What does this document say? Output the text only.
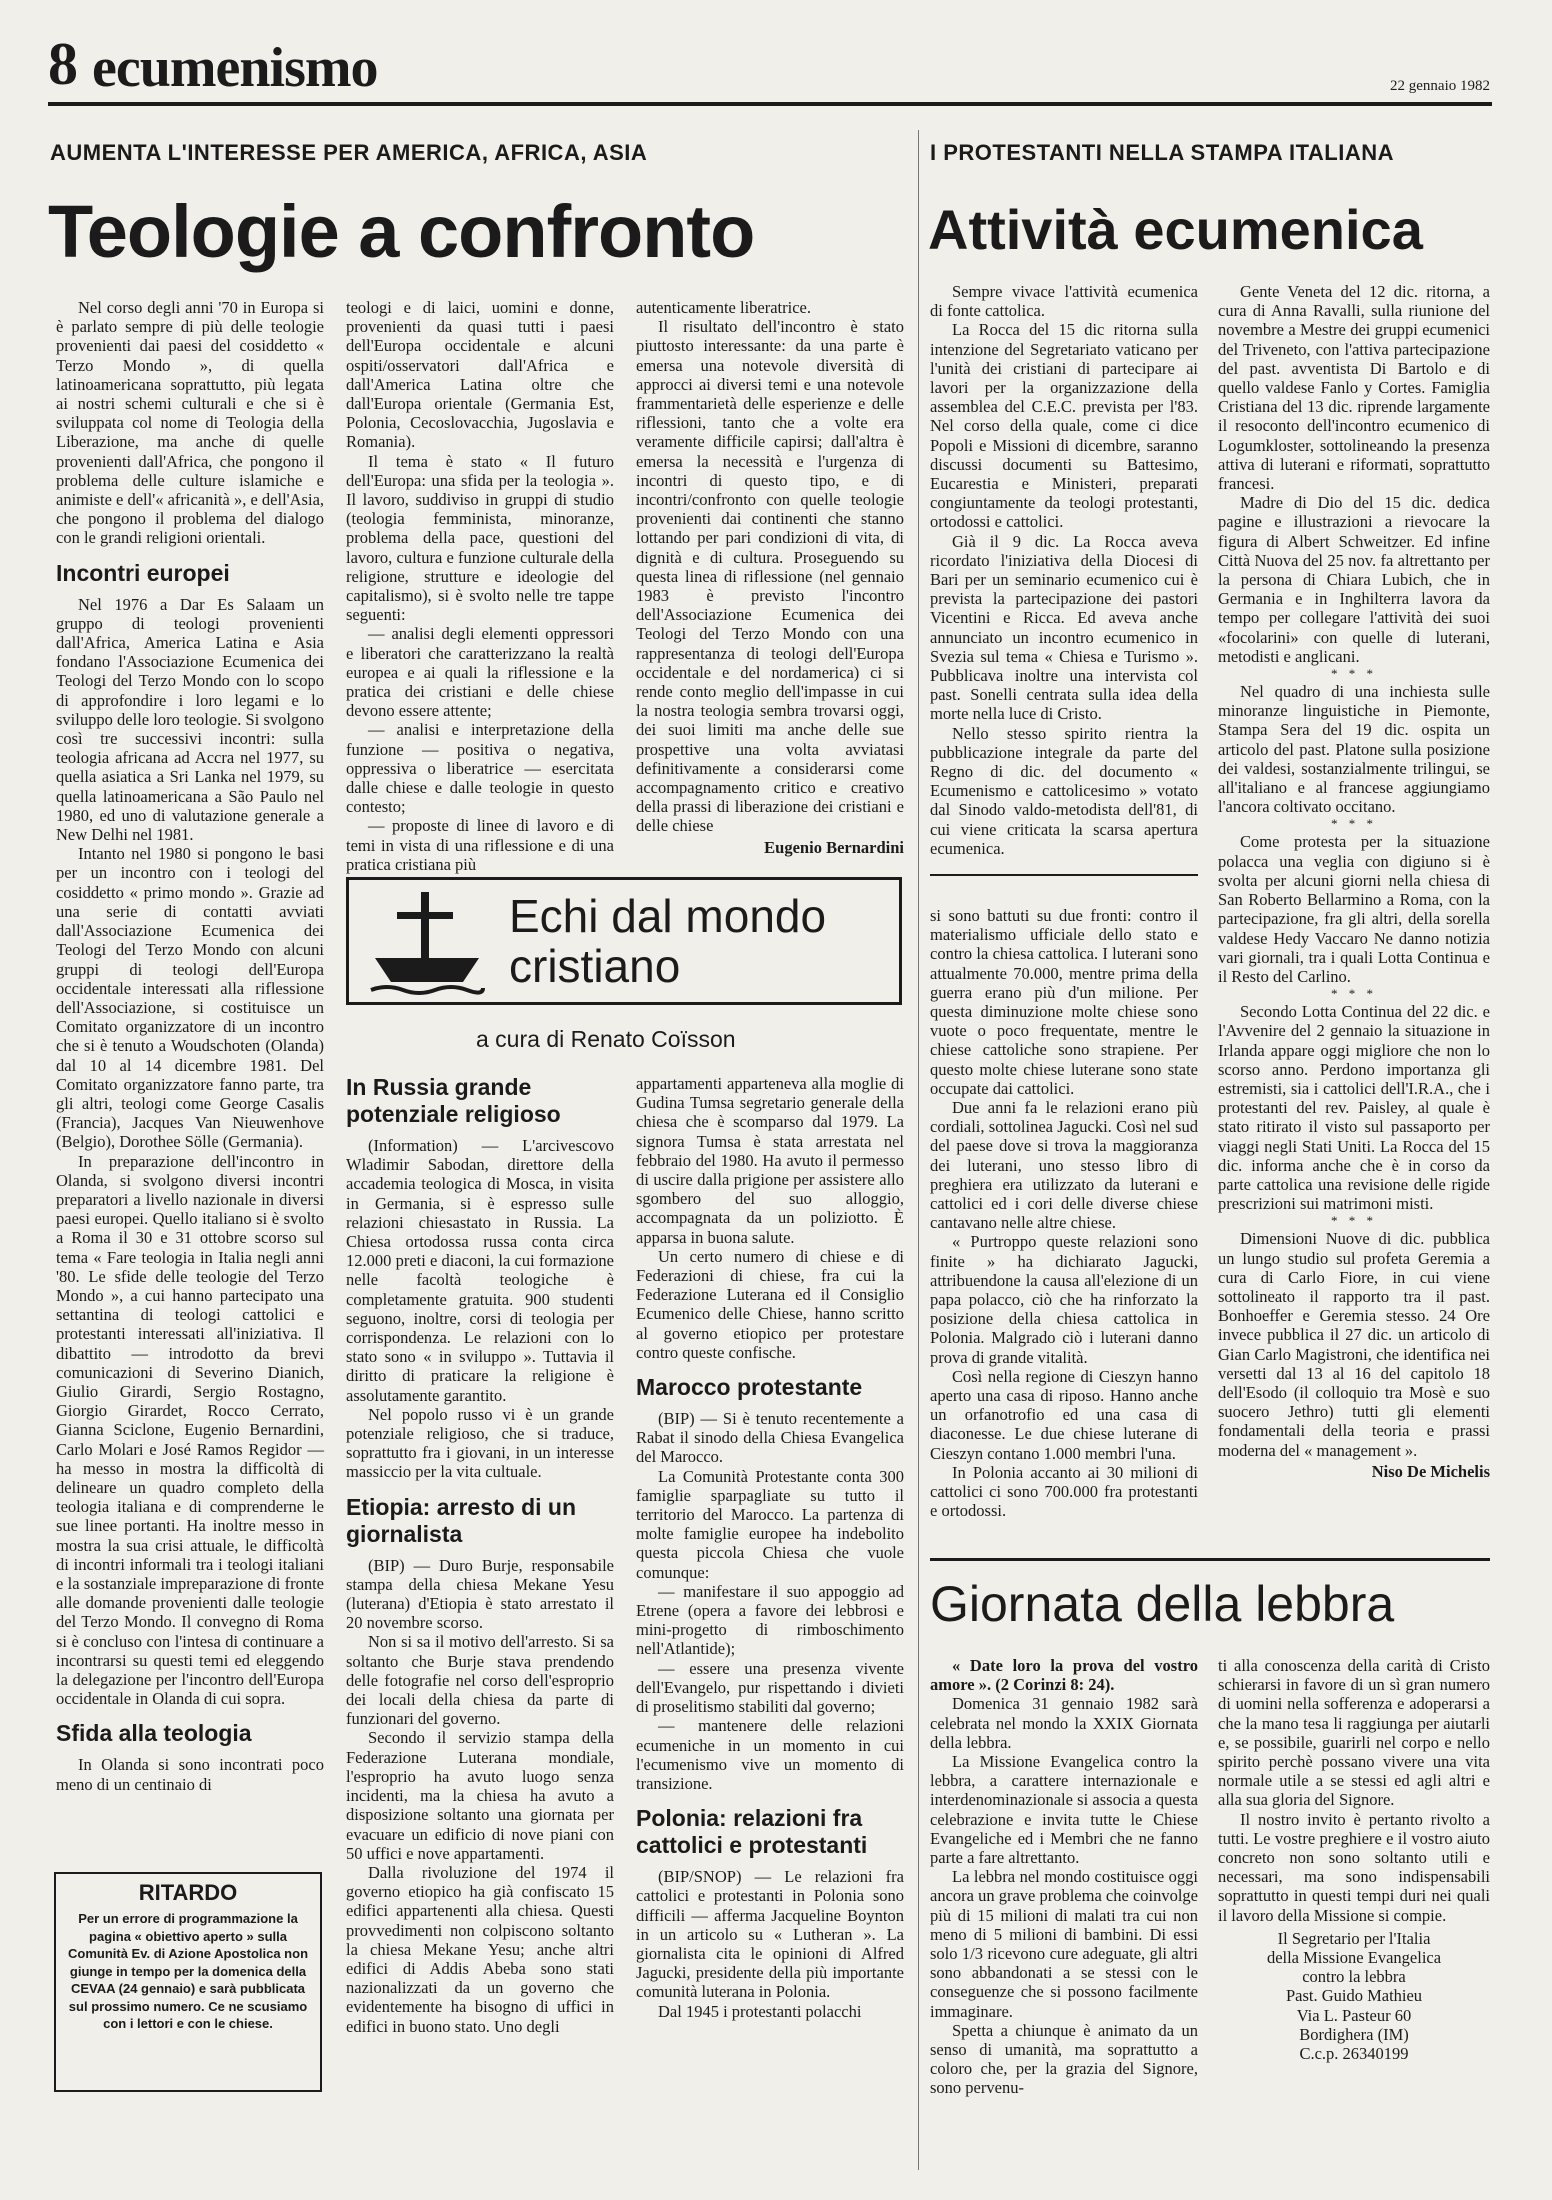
8 ecumenismo	22 gennaio 1982
AUMENTA L'INTERESSE PER AMERICA, AFRICA, ASIA
Teologie a confronto

Nel corso degli anni '70 in Europa si è parlato sempre di più delle teologie provenienti dai paesi del cosiddetto « Terzo Mondo », di quella latinoamericana soprattutto, più legata ai nostri schemi culturali e che si è sviluppata col nome di Teologia della Liberazione, ma anche di quelle provenienti dall'Africa, che pongono il problema delle culture islamiche e animiste e dell'« africanità », e dell'Asia, che pongono il problema del dialogo con le grandi religioni orientali.

Incontri europei

Nel 1976 a Dar Es Salaam un gruppo di teologi provenienti dall'Africa, America Latina e Asia fondano l'Associazione Ecumenica dei Teologi del Terzo Mondo con lo scopo di approfondire i loro legami e lo sviluppo delle loro teologie. Si svolgono così tre successivi incontri: sulla teologia africana ad Accra nel 1977, su quella asiatica a Sri Lanka nel 1979, su quella latinoamericana a São Paulo nel 1980, ed uno di valutazione generale a New Delhi nel 1981.

Intanto nel 1980 si pongono le basi per un incontro con i teologi del cosiddetto « primo mondo ». Grazie ad una serie di contatti avviati dall'Associazione Ecumenica dei Teologi del Terzo Mondo con alcuni gruppi di teologi dell'Europa occidentale interessati alla riflessione dell'Associazione, si costituisce un Comitato organizzatore di un incontro che si è tenuto a Woudschoten (Olanda) dal 10 al 14 dicembre 1981. Del Comitato organizzatore fanno parte, tra gli altri, teologi come George Casalis (Francia), Jacques Van Nieuwenhove (Belgio), Dorothee Sölle (Germania).

In preparazione dell'incontro in Olanda, si svolgono diversi incontri preparatori a livello nazionale in diversi paesi europei. Quello italiano si è svolto a Roma il 30 e 31 ottobre scorso sul tema « Fare teologia in Italia negli anni '80. Le sfide delle teologie del Terzo Mondo », a cui hanno partecipato una settantina di teologi cattolici e protestanti interessati all'iniziativa. Il dibattito — introdotto da brevi comunicazioni di Severino Dianich, Giulio Girardi, Sergio Rostagno, Giorgio Girardet, Rocco Cerrato, Gianna Sciclone, Eugenio Bernardini, Carlo Molari e José Ramos Regidor — ha messo in mostra la difficoltà di delineare un quadro completo della teologia italiana e di comprenderne le sue linee portanti. Ha inoltre messo in mostra la sua crisi attuale, le difficoltà di incontri informali tra i teologi italiani e la sostanziale impreparazione di fronte alle domande provenienti dalle teologie del Terzo Mondo. Il convegno di Roma si è concluso con l'intesa di continuare a incontrarsi su questi temi ed eleggendo la delegazione per l'incontro dell'Europa occidentale in Olanda di cui sopra.

Sfida alla teologia

In Olanda si sono incontrati poco meno di un centinaio di

teologi e di laici, uomini e donne, provenienti da quasi tutti i paesi dell'Europa occidentale e alcuni ospiti/osservatori dall'Africa e dall'America Latina oltre che dall'Europa orientale (Germania Est, Polonia, Cecoslovacchia, Jugoslavia e Romania).

Il tema è stato « Il futuro dell'Europa: una sfida per la teologia ». Il lavoro, suddiviso in gruppi di studio (teologia femminista, minoranze, problema della pace, questioni del lavoro, cultura e funzione culturale della religione, strutture e ideologie del capitalismo), si è svolto nelle tre tappe seguenti:

— analisi degli elementi oppressori e liberatori che caratterizzano la realtà europea e ai quali la riflessione e la pratica dei cristiani e delle chiese devono essere attente;

— analisi e interpretazione della funzione — positiva o negativa, oppressiva o liberatrice — esercitata dalle chiese e dalle teologie in questo contesto;

— proposte di linee di lavoro e di temi in vista di una riflessione e di una pratica cristiana più

autenticamente liberatrice.

Il risultato dell'incontro è stato piuttosto interessante: da una parte è emersa una notevole diversità di approcci ai diversi temi e una notevole frammentarietà delle esperienze e delle riflessioni, tanto che a volte era veramente difficile capirsi; dall'altra è emersa la necessità e l'urgenza di incontri di questo tipo, e di incontri/confronto con quelle teologie provenienti dai continenti che stanno lottando per pari condizioni di vita, di dignità e di cultura. Proseguendo su questa linea di riflessione (nel gennaio 1983 è previsto l'incontro dell'Associazione Ecumenica dei Teologi del Terzo Mondo con una rappresentanza di teologi dell'Europa occidentale e del nordamerica) ci si rende conto meglio dell'impasse in cui la nostra teologia sembra trovarsi oggi, dei suoi limiti ma anche delle sue prospettive una volta avviatasi definitivamente a considerarsi come accompagnamento critico e creativo della prassi di liberazione dei cristiani e delle chiese

Eugenio Bernardini
RITARDO
Per un errore di programmazione la pagina « obiettivo aperto » sulla Comunità Ev. di Azione Apostolica non giunge in tempo per la domenica della CEVAA (24 gennaio) e sarà pubblicata sul prossimo numero. Ce ne scusiamo con i lettori e con le chiese.
Echi dal mondo
cristiano
a cura di Renato Coïsson
In Russia grande potenziale religioso

(Information) — L'arcivescovo Wladimir Sabodan, direttore della accademia teologica di Mosca, in visita in Germania, si è espresso sulle relazioni chiesastato in Russia. La Chiesa ortodossa russa conta circa 12.000 preti e diaconi, la cui formazione nelle facoltà teologiche è completamente gratuita. 900 studenti seguono, inoltre, corsi di teologia per corrispondenza. Le relazioni con lo stato sono « in sviluppo ». Tuttavia il diritto di praticare la religione è assolutamente garantito.

Nel popolo russo vi è un grande potenziale religioso, che si traduce, soprattutto fra i giovani, in un interesse massiccio per la vita cultuale.

Etiopia: arresto di un giornalista

(BIP) — Duro Burje, responsabile stampa della chiesa Mekane Yesu (luterana) d'Etiopia è stato arrestato il 20 novembre scorso.

Non si sa il motivo dell'arresto. Si sa soltanto che Burje stava prendendo delle fotografie nel corso dell'esproprio dei locali della chiesa da parte di funzionari del governo.

Secondo il servizio stampa della Federazione Luterana mondiale, l'esproprio ha avuto luogo senza incidenti, ma la chiesa ha avuto a disposizione soltanto una giornata per evacuare un edificio di nove piani con 50 uffici e nove appartamenti.

Dalla rivoluzione del 1974 il governo etiopico ha già confiscato 15 edifici appartenenti alla chiesa. Questi provvedimenti non colpiscono soltanto la chiesa Mekane Yesu; anche altri edifici di Addis Abeba sono stati nazionalizzati da un governo che evidentemente ha bisogno di uffici in edifici in buono stato. Uno degli

appartamenti apparteneva alla moglie di Gudina Tumsa segretario generale della chiesa che è scomparso dal 1979. La signora Tumsa è stata arrestata nel febbraio del 1980. Ha avuto il permesso di uscire dalla prigione per assistere allo sgombero del suo alloggio, accompagnata da un poliziotto. È apparsa in buona salute.

Un certo numero di chiese e di Federazioni di chiese, fra cui la Federazione Luterana ed il Consiglio Ecumenico delle Chiese, hanno scritto al governo etiopico per protestare contro queste confische.

Marocco protestante

(BIP) — Si è tenuto recentemente a Rabat il sinodo della Chiesa Evangelica del Marocco.

La Comunità Protestante conta 300 famiglie sparpagliate su tutto il territorio del Marocco. La partenza di molte famiglie europee ha indebolito questa piccola Chiesa che vuole comunque:

— manifestare il suo appoggio ad Etrene (opera a favore dei lebbrosi e mini-progetto di rimboschimento nell'Atlantide);

— essere una presenza vivente dell'Evangelo, pur rispettando i divieti di proselitismo stabiliti dal governo;

— mantenere delle relazioni ecumeniche in un momento in cui l'ecumenismo vive un momento di transizione.

Polonia: relazioni fra cattolici e protestanti

(BIP/SNOP) — Le relazioni fra cattolici e protestanti in Polonia sono difficili — afferma Jacqueline Boynton in un articolo su « Lutheran ». La giornalista cita le opinioni di Alfred Jagucki, presidente della più importante comunità luterana in Polonia.

Dal 1945 i protestanti polacchi

I PROTESTANTI NELLA STAMPA ITALIANA
Attività ecumenica

Sempre vivace l'attività ecumenica di fonte cattolica.

La Rocca del 15 dic ritorna sulla intenzione del Segretariato vaticano per l'unità dei cristiani di partecipare ai lavori per la organizzazione della assemblea del C.E.C. prevista per l'83. Nel corso della quale, come ci dice Popoli e Missioni di dicembre, saranno discussi documenti su Battesimo, Eucarestia e Ministeri, preparati congiuntamente da teologi protestanti, ortodossi e cattolici.

Già il 9 dic. La Rocca aveva ricordato l'iniziativa della Diocesi di Bari per un seminario ecumenico cui è prevista la partecipazione dei pastori Vicentini e Ricca. Ed aveva anche annunciato un incontro ecumenico in Svezia sul tema « Chiesa e Turismo ». Pubblicava inoltre una intervista col past. Sonelli centrata sulla idea della morte nella luce di Cristo.

Nello stesso spirito rientra la pubblicazione integrale da parte del Regno di dic. del documento « Ecumenismo e cattolicesimo » votato dal Sinodo valdo-metodista dell'81, di cui viene criticata la scarsa apertura ecumenica.

si sono battuti su due fronti: contro il materialismo ufficiale dello stato e contro la chiesa cattolica. I luterani sono attualmente 70.000, mentre prima della guerra erano più d'un milione. Per questa diminuzione molte chiese sono vuote o poco frequentate, mentre le chiese cattoliche sono strapiene. Per questo molte chiese luterane sono state occupate dai cattolici.

Due anni fa le relazioni erano più cordiali, sottolinea Jagucki. Così nel sud del paese dove si trova la maggioranza dei luterani, uno stesso libro di preghiera era utilizzato da luterani e cattolici ed i cori delle diverse chiese cantavano nelle altre chiese.

« Purtroppo queste relazioni sono finite » ha dichiarato Jagucki, attribuendone la causa all'elezione di un papa polacco, ciò che ha rinforzato la posizione della chiesa cattolica in Polonia. Malgrado ciò i luterani danno prova di grande vitalità.

Così nella regione di Cieszyn hanno aperto una casa di riposo. Hanno anche un orfanotrofio ed una casa di diaconesse. Le due chiese luterane di Cieszyn contano 1.000 membri l'una.

In Polonia accanto ai 30 milioni di cattolici ci sono 700.000 fra protestanti e ortodossi.

Gente Veneta del 12 dic. ritorna, a cura di Anna Ravalli, sulla riunione del novembre a Mestre dei gruppi ecumenici del Triveneto, con l'attiva partecipazione del past. avventista Di Bartolo e di quello valdese Fanlo y Cortes. Famiglia Cristiana del 13 dic. riprende largamente il resoconto dell'incontro ecumenico di Logumkloster, sottolineando la presenza attiva di luterani e riformati, soprattutto francesi.

Madre di Dio del 15 dic. dedica pagine e illustrazioni a rievocare la figura di Albert Schweitzer. Ed infine Città Nuova del 25 nov. fa altrettanto per la persona di Chiara Lubich, che in Germania e in Inghilterra lavora da tempo per collegare l'attività dei suoi «focolarini» con quelle di luterani, metodisti e anglicani.

* * *

Nel quadro di una inchiesta sulle minoranze linguistiche in Piemonte, Stampa Sera del 19 dic. ospita un articolo del past. Platone sulla posizione dei valdesi, sostanzialmente trilingui, se all'italiano e al francese aggiungiamo l'ancora coltivato occitano.

* * *

Come protesta per la situazione polacca una veglia con digiuno si è svolta per alcuni giorni nella chiesa di San Roberto Bellarmino a Roma, con la partecipazione, fra gli altri, della sorella valdese Hedy Vaccaro Ne danno notizia vari giornali, tra i quali Lotta Continua e il Resto del Carlino.

* * *

Secondo Lotta Continua del 22 dic. e l'Avvenire del 2 gennaio la situazione in Irlanda appare oggi migliore che non lo scorso anno. Perdono importanza gli estremisti, sia i cattolici dell'I.R.A., che i protestanti del rev. Paisley, al quale è stato ritirato il visto sul passaporto per viaggi negli Stati Uniti. La Rocca del 15 dic. informa anche che è in corso da parte cattolica una revisione delle rigide prescrizioni sui matrimoni misti.

* * *

Dimensioni Nuove di dic. pubblica un lungo studio sul profeta Geremia a cura di Carlo Fiore, in cui viene sottolineato il rapporto tra il past. Bonhoeffer e Geremia stesso. 24 Ore invece pubblica il 27 dic. un articolo di Gian Carlo Magistroni, che identifica nei versetti dal 13 al 16 del capitolo 18 dell'Esodo (il colloquio tra Mosè e suo suocero Jethro) tutti gli elementi fondamentali della teoria e prassi moderna del « management ».

Niso De Michelis
Giornata della lebbra

« Date loro la prova del vostro amore ». (2 Corinzi 8: 24).

Domenica 31 gennaio 1982 sarà celebrata nel mondo la XXIX Giornata della lebbra.

La Missione Evangelica contro la lebbra, a carattere internazionale e interdenominazionale si associa a questa celebrazione e invita tutte le Chiese Evangeliche ed i Membri che ne fanno parte a fare altrettanto.

La lebbra nel mondo costituisce oggi ancora un grave problema che coinvolge più di 15 milioni di malati tra cui non meno di 5 milioni di bambini. Di essi solo 1/3 ricevono cure adeguate, gli altri sono abbandonati a se stessi con le conseguenze che si possono facilmente immaginare.

Spetta a chiunque è animato da un senso di umanità, ma soprattutto a coloro che, per la grazia del Signore, sono pervenu-

ti alla conoscenza della carità di Cristo schierarsi in favore di un sì gran numero di uomini nella sofferenza e adoperarsi a che la mano tesa li raggiunga per aiutarli e, se possibile, guarirli nel corpo e nello spirito perchè possano vivere una vita normale utile a se stessi ed agli altri e alla sua gloria del Signore.

Il nostro invito è pertanto rivolto a tutti. Le vostre preghiere e il vostro aiuto concreto non sono soltanto utili e necessari, ma sono indispensabili soprattutto in questi tempi duri nei quali il lavoro della Missione si compie.

Il Segretario per l'Italia
della Missione Evangelica
contro la lebbra
Past. Guido Mathieu
Via L. Pasteur 60
Bordighera (IM)
C.c.p. 26340199
